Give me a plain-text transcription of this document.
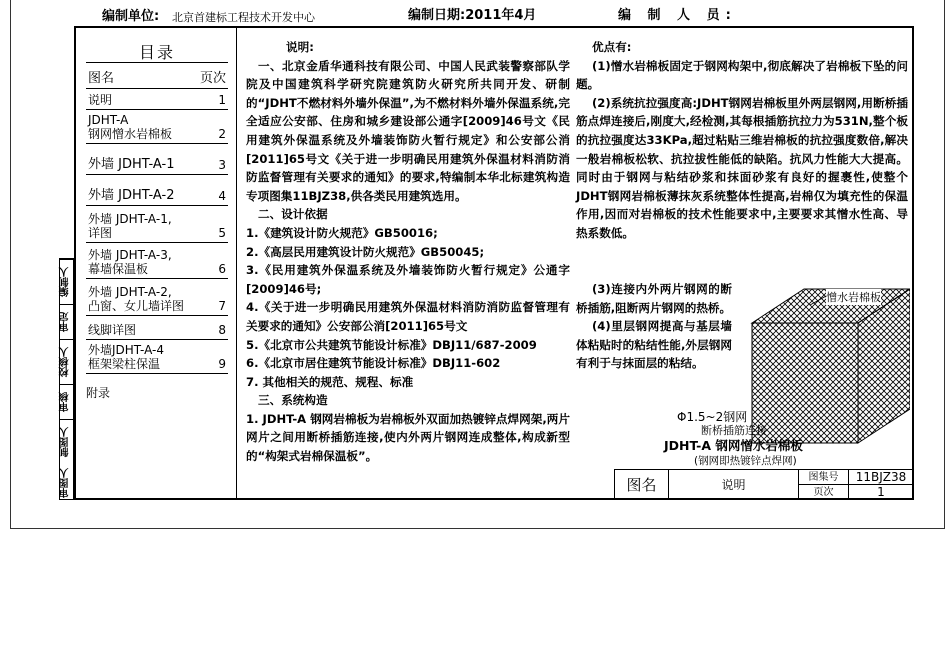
编制单位: 北京首建标工程技术开发中心	编制日期:2011年4月	编 制 人 员:
编制人
审定
校核人
审核
制图人
审图人
目录
图名	页次
说明	1
JDHT-A
钢网憎水岩棉板	2
外墙 JDHT-A-1	3
外墙 JDHT-A-2	4
外墙 JDHT-A-1,
详图	5
外墙 JDHT-A-3,
幕墙保温板	6
外墙 JDHT-A-2,
凸窗、女儿墙详图	7
线脚详图	8
外墙JDHT-A-4
框架梁柱保温	9
附录

说明:

一、北京金盾华通科技有限公司、中国人民武装警察部队学院及中国建筑科学研究院建筑防火研究所共同开发、研制的“JDHT不燃材料外墙外保温”,为不燃材料外墙外保温系统,完全适应公安部、住房和城乡建设部公通字[2009]46号文《民用建筑外保温系统及外墙装饰防火暂行规定》和公安部公消[2011]65号文《关于进一步明确民用建筑外保温材料消防消防监督管理有关要求的通知》的要求,特编制本华北标建筑构造专项图集11BJZ38,供各类民用建筑选用。

二、设计依据

1.《建筑设计防火规范》GB50016;

2.《高层民用建筑设计防火规范》GB50045;

3.《民用建筑外保温系统及外墙装饰防火暂行规定》公通字[2009]46号;

4.《关于进一步明确民用建筑外保温材料消防消防监督管理有关要求的通知》公安部公消[2011]65号文

5.《北京市公共建筑节能设计标准》DBJ11/687-2009

6.《北京市居住建筑节能设计标准》DBJ11-602

7. 其他相关的规范、规程、标准

三、系统构造

1. JDHT-A 钢网岩棉板为岩棉板外双面加热镀锌点焊网架,两片网片之间用断桥插筋连接,使内外两片钢网连成整体,构成新型的“构架式岩棉保温板”。

优点有:

(1)憎水岩棉板固定于钢网构架中,彻底解决了岩棉板下坠的问题。

(2)系统抗拉强度高:JDHT钢网岩棉板里外两层钢网,用断桥插筋点焊连接后,刚度大,经检测,其每根插筋抗拉力为531N,整个板的抗拉强度达33KPa,超过粘贴三维岩棉板的抗拉强度数倍,解决一般岩棉板松软、抗拉拔性能低的缺陷。抗风力性能大大提高。同时由于钢网与粘结砂浆和抹面砂浆有良好的握裹性,使整个JDHT钢网岩棉板薄抹灰系统整体性提高,岩棉仅为填充性的保温作用,因而对岩棉板的技术性能要求中,主要要求其憎水性高、导热系数低。

(3)连接内外两片钢网的断桥插筋,阻断两片钢网的热桥。

(4)里层钢网提高与基层墙体粘贴时的粘结性能,外层钢网有利于与抹面层的粘结。

憎水岩棉板
Φ1.5~2钢网
断桥插筋连接
JDHT-A 钢网憎水岩棉板
(钢网即热镀锌点焊网)
图名	说明
图集号	11BJZ38
页次	1
